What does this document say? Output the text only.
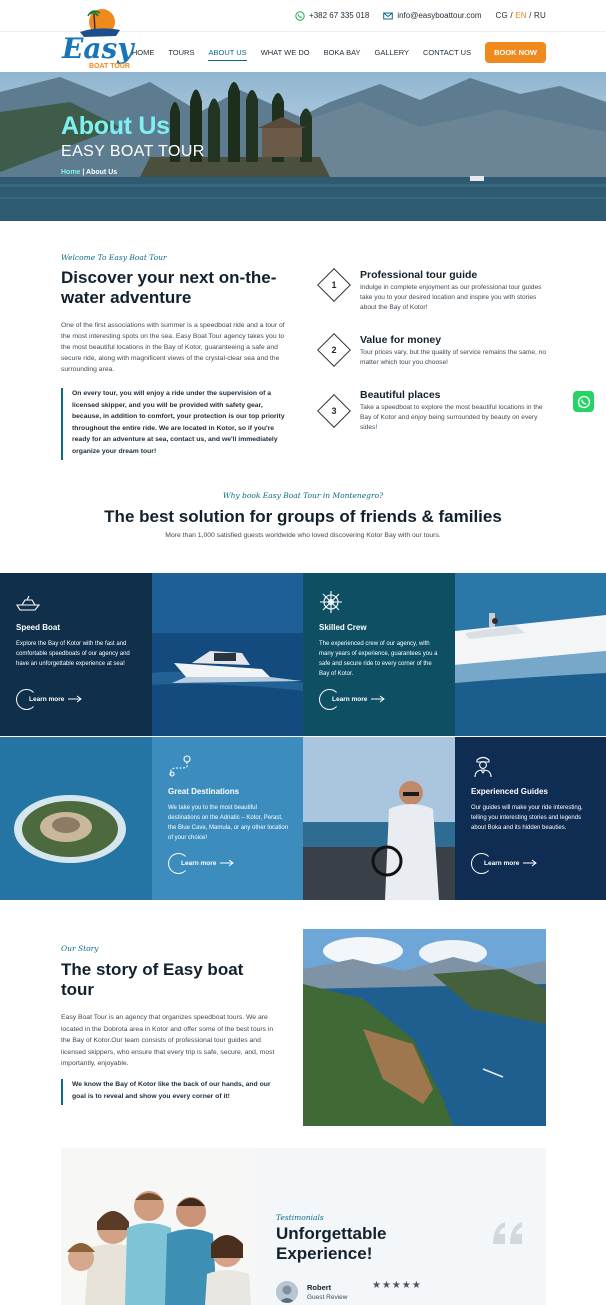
+382 67 335 018	info@easyboattour.com CG / EN / RU
HOME TOURS ABOUT US WHAT WE DO BOKA BAY GALLERY CONTACT US	BOOK NOW
Easy
BOAT TOUR
About Us
EASY BOAT TOUR
Home | About Us
Welcome To Easy Boat Tour
Discover your next on-the-water adventure
One of the first associations with summer is a speedboat ride and a tour of the most interesting spots on the sea. Easy Boat Tour agency takes you to the most beautiful locations in the Bay of Kotor, guaranteeing a safe and secure ride, along with magnificent views of the crystal-clear sea and the surrounding area.
On every tour, you will enjoy a ride under the supervision of a licensed skipper, and you will be provided with safety gear, because, in addition to comfort, your protection is our top priority throughout the entire ride. We are located in Kotor, so if you're ready for an adventure at sea, contact us, and we'll immediately organize your dream tour!
1
Professional tour guide
Indulge in complete enjoyment as our professional tour guides take you to your desired location and inspire you with stories about the Bay of Kotor!
2
Value for money
Tour prices vary, but the quality of service remains the same, no matter which tour you choose!
3
Beautiful places
Take a speedboat to explore the most beautiful locations in the Bay of Kotor and enjoy being surrounded by beauty on every sides!
Why book Easy Boat Tour in Montenegro?
The best solution for groups of friends & families
More than 1,000 satisfied guests worldwide who loved discovering Kotor Bay with our tours.
Speed Boat
Explore the Bay of Kotor with the fast and comfortable speedboats of our agency and have an unforgettable experience at sea!
Learn more
Skilled Crew
The experienced crew of our agency, with many years of experience, guarantees you a safe and secure ride to every corner of the Bay of Kotor.
Learn more
Great Destinations
We take you to the most beautiful destinations on the Adriatic – Kotor, Perast, the Blue Cave, Mamula, or any other location of your choice!
Learn more
Experienced Guides
Our guides will make your ride interesting, telling you interesting stories and legends about Boka and its hidden beauties.
Learn more
Our Story
The story of Easy boat tour
Easy Boat Tour is an agency that organizes speedboat tours. We are located in the Dobrota area in Kotor and offer some of the best tours in the Bay of Kotor.Our team consists of professional tour guides and licensed skippers, who ensure that every trip is safe, secure, and, most importantly, enjoyable.
We know the Bay of Kotor like the back of our hands, and our goal is to reveal and show you every corner of it!
Testimonials
Unforgettable Experience!
Robert
Guest Review
★★★★★
